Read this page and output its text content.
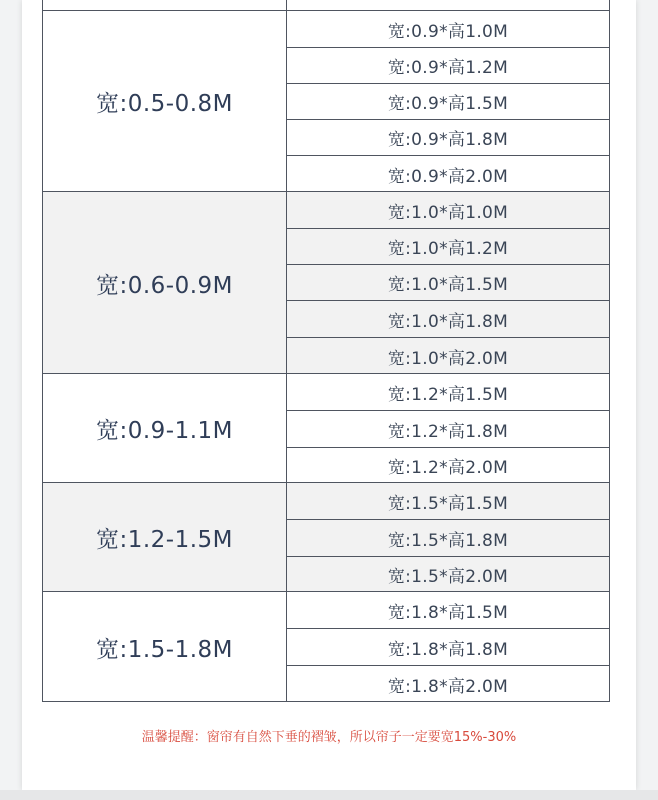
宽:0.5-0.8M
宽:0.9*高1.0M
宽:0.9*高1.2M
宽:0.9*高1.5M
宽:0.9*高1.8M
宽:0.9*高2.0M
宽:0.6-0.9M
宽:1.0*高1.0M
宽:1.0*高1.2M
宽:1.0*高1.5M
宽:1.0*高1.8M
宽:1.0*高2.0M
宽:0.9-1.1M
宽:1.2*高1.5M
宽:1.2*高1.8M
宽:1.2*高2.0M
宽:1.2-1.5M
宽:1.5*高1.5M
宽:1.5*高1.8M
宽:1.5*高2.0M
宽:1.5-1.8M
宽:1.8*高1.5M
宽:1.8*高1.8M
宽:1.8*高2.0M
温馨提醒：窗帘有自然下垂的褶皱，所以帘子一定要宽15%-30%
